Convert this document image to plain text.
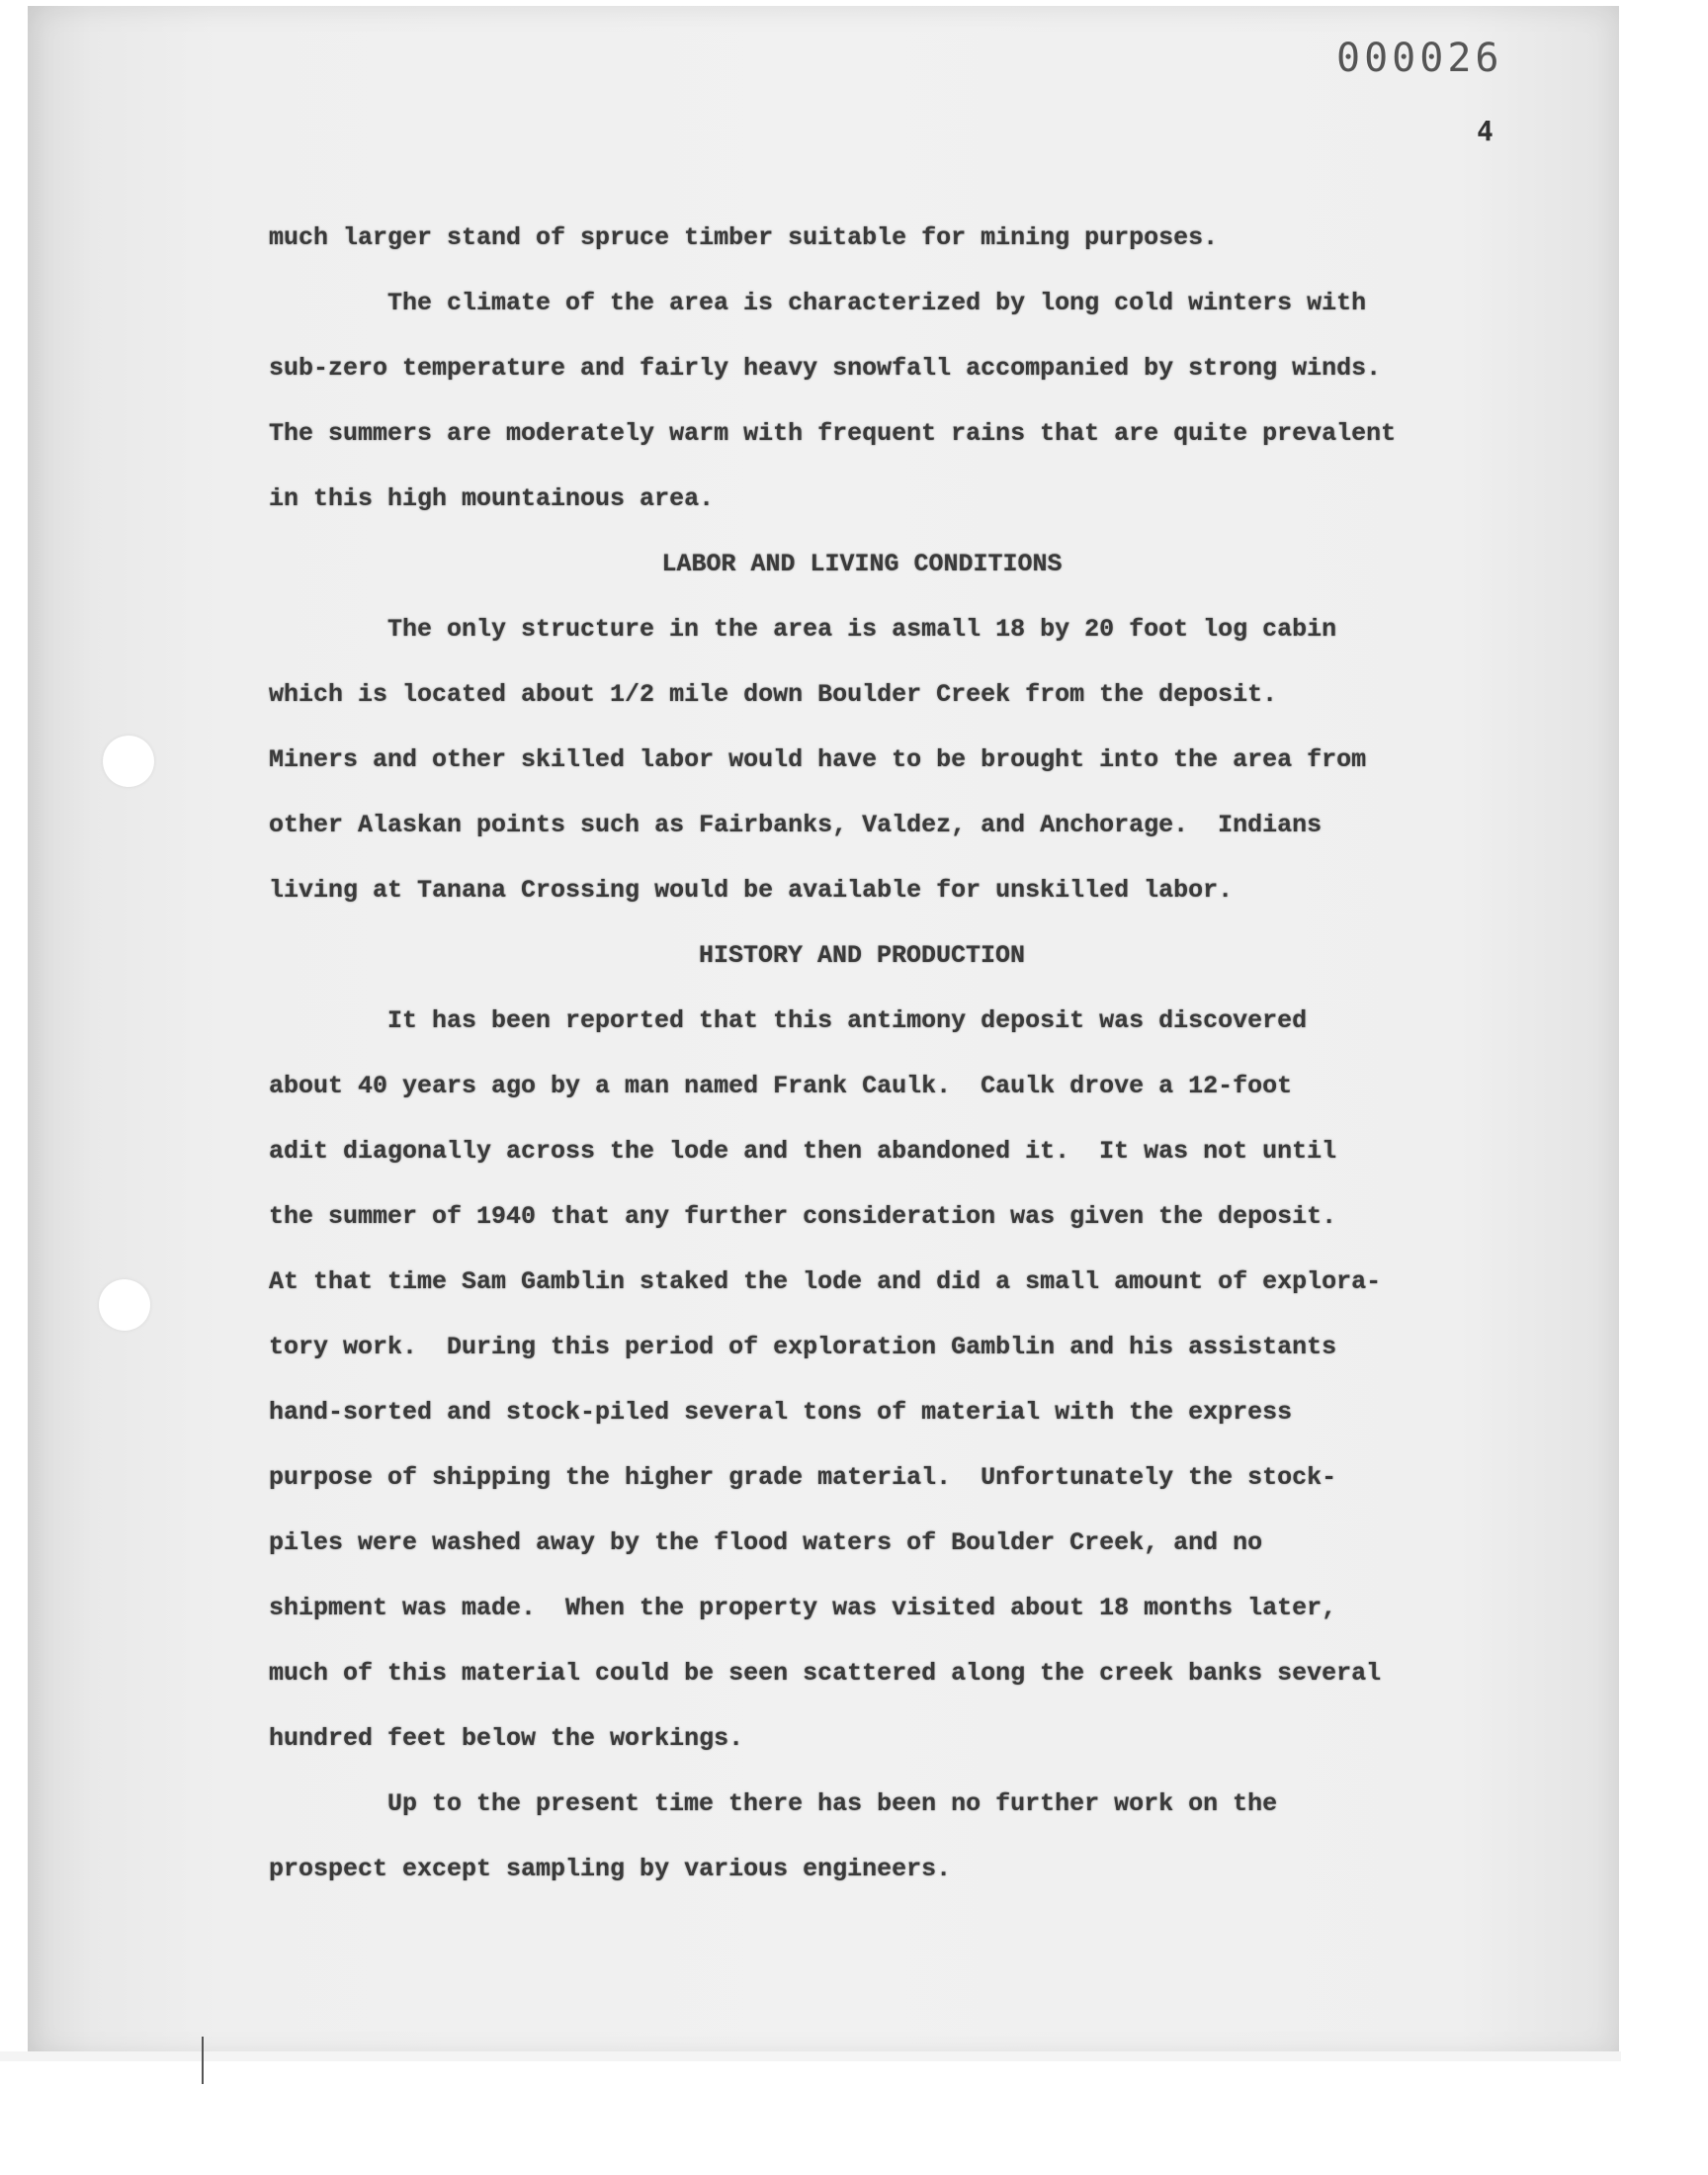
000026
4
much larger stand of spruce timber suitable for mining purposes.
The climate of the area is characterized by long cold winters with
sub-zero temperature and fairly heavy snowfall accompanied by strong winds.
The summers are moderately warm with frequent rains that are quite prevalent
in this high mountainous area.
LABOR AND LIVING CONDITIONS
The only structure in the area is asmall 18 by 20 foot log cabin
which is located about 1/2 mile down Boulder Creek from the deposit.
Miners and other skilled labor would have to be brought into the area from
other Alaskan points such as Fairbanks, Valdez, and Anchorage.  Indians
living at Tanana Crossing would be available for unskilled labor.
HISTORY AND PRODUCTION
It has been reported that this antimony deposit was discovered
about 40 years ago by a man named Frank Caulk.  Caulk drove a 12-foot
adit diagonally across the lode and then abandoned it.  It was not until
the summer of 1940 that any further consideration was given the deposit.
At that time Sam Gamblin staked the lode and did a small amount of explora-
tory work.  During this period of exploration Gamblin and his assistants
hand-sorted and stock-piled several tons of material with the express
purpose of shipping the higher grade material.  Unfortunately the stock-
piles were washed away by the flood waters of Boulder Creek, and no
shipment was made.  When the property was visited about 18 months later,
much of this material could be seen scattered along the creek banks several
hundred feet below the workings.
Up to the present time there has been no further work on the
prospect except sampling by various engineers.
